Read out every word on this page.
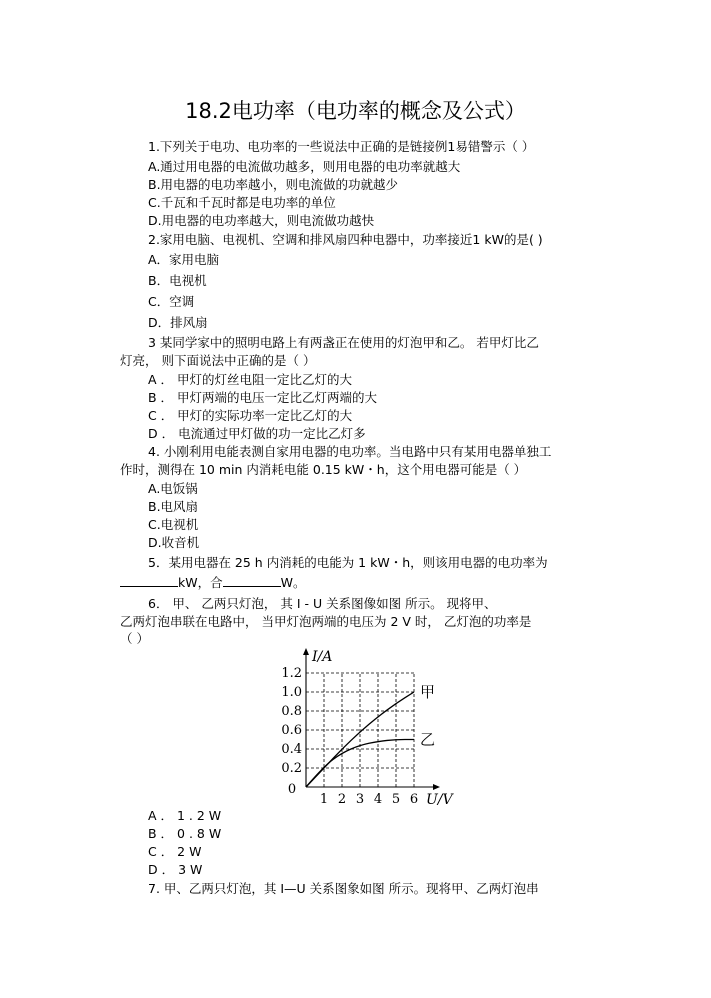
18.2电功率（电功率的概念及公式）
1.下列关于电功、电功率的一些说法中正确的是链接例1易错警示（ ）
A.通过用电器的电流做功越多，则用电器的电功率就越大
B.用电器的电功率越小，则电流做的功就越少
C.千瓦和千瓦时都是电功率的单位
D.用电器的电功率越大，则电流做功越快
2.家用电脑、电视机、空调和排风扇四种电器中，功率接近1 kW的是( )
A．家用电脑
B．电视机
C．空调
D．排风扇
3 某同学家中的照明电路上有两盏正在使用的灯泡甲和乙。 若甲灯比乙
灯亮， 则下面说法中正确的是（ ）
A ． 甲灯的灯丝电阻一定比乙灯的大
B ． 甲灯两端的电压一定比乙灯两端的大
C ． 甲灯的实际功率一定比乙灯的大
D ． 电流通过甲灯做的功一定比乙灯多
4. 小刚利用电能表测自家用电器的电功率。当电路中只有某用电器单独工
作时，测得在 10 min 内消耗电能 0.15 kW・h，这个用电器可能是（ ）
A.电饭锅
B.电风扇
C.电视机
D.收音机
5．某用电器在 25 h 内消耗的电能为 1 kW・h，则该用电器的电功率为
kW，合	W。
6． 甲、 乙两只灯泡， 其 I - U 关系图像如图 所示。 现将甲、
乙两灯泡串联在电路中， 当甲灯泡两端的电压为 2 V 时， 乙灯泡的功率是
（ ）
1 2 3 4 5 6
0.2
0.4
0.6
0.8
1.0
1.2
0
U/V
I/A
甲
乙
A ． 1 . 2 W
B ． 0 . 8 W
C ． 2 W
D ． 3 W
7. 甲、乙两只灯泡，其 I—U 关系图象如图 所示。现将甲、乙两灯泡串
